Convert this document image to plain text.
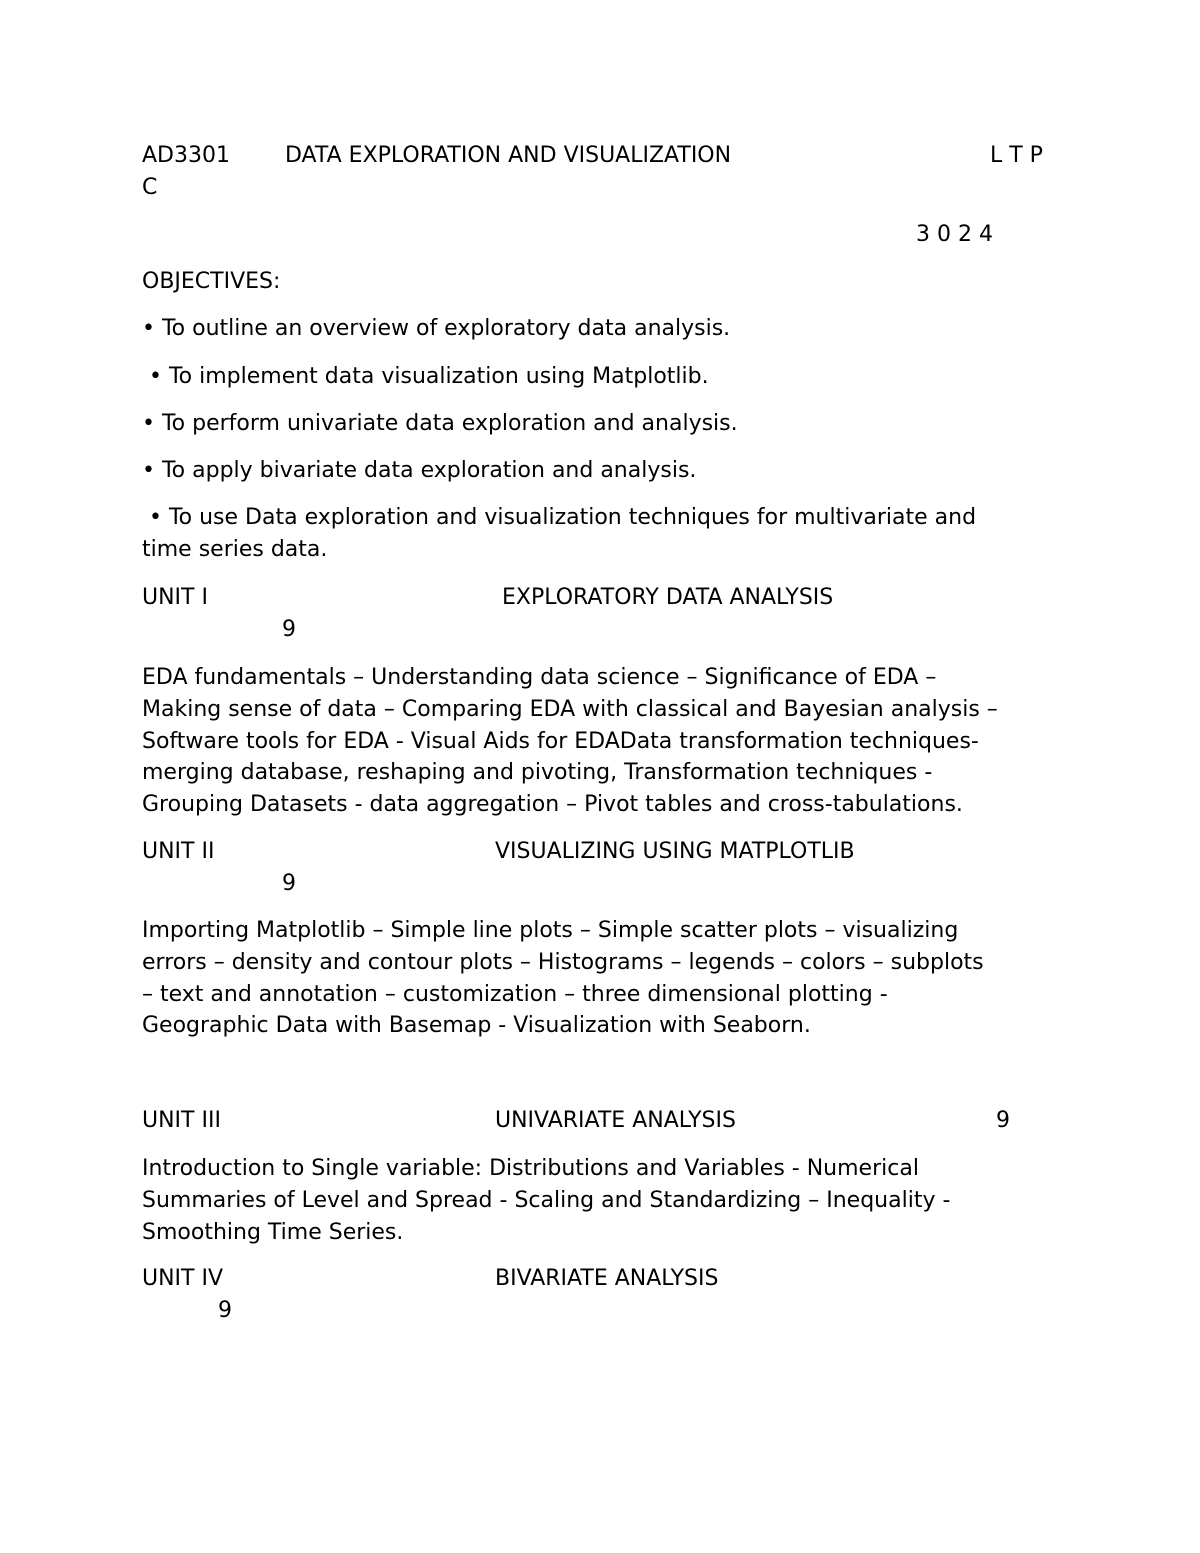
AD3301	DATA EXPLORATION AND VISUALIZATION	L T P
C
3 0 2 4
OBJECTIVES:
• To outline an overview of exploratory data analysis.
• To implement data visualization using Matplotlib.
• To perform univariate data exploration and analysis.
• To apply bivariate data exploration and analysis.
• To use Data exploration and visualization techniques for multivariate and
time series data.
UNIT I	EXPLORATORY DATA ANALYSIS
9
EDA fundamentals – Understanding data science – Significance of EDA –
Making sense of data – Comparing EDA with classical and Bayesian analysis –
Software tools for EDA - Visual Aids for EDAData transformation techniques-
merging database, reshaping and pivoting, Transformation techniques -
Grouping Datasets - data aggregation – Pivot tables and cross-tabulations.
UNIT II	VISUALIZING USING MATPLOTLIB
9
Importing Matplotlib – Simple line plots – Simple scatter plots – visualizing
errors – density and contour plots – Histograms – legends – colors – subplots
– text and annotation – customization – three dimensional plotting -
Geographic Data with Basemap - Visualization with Seaborn.
UNIT III	UNIVARIATE ANALYSIS	9
Introduction to Single variable: Distributions and Variables - Numerical
Summaries of Level and Spread - Scaling and Standardizing – Inequality -
Smoothing Time Series.
UNIT IV	BIVARIATE ANALYSIS
9
